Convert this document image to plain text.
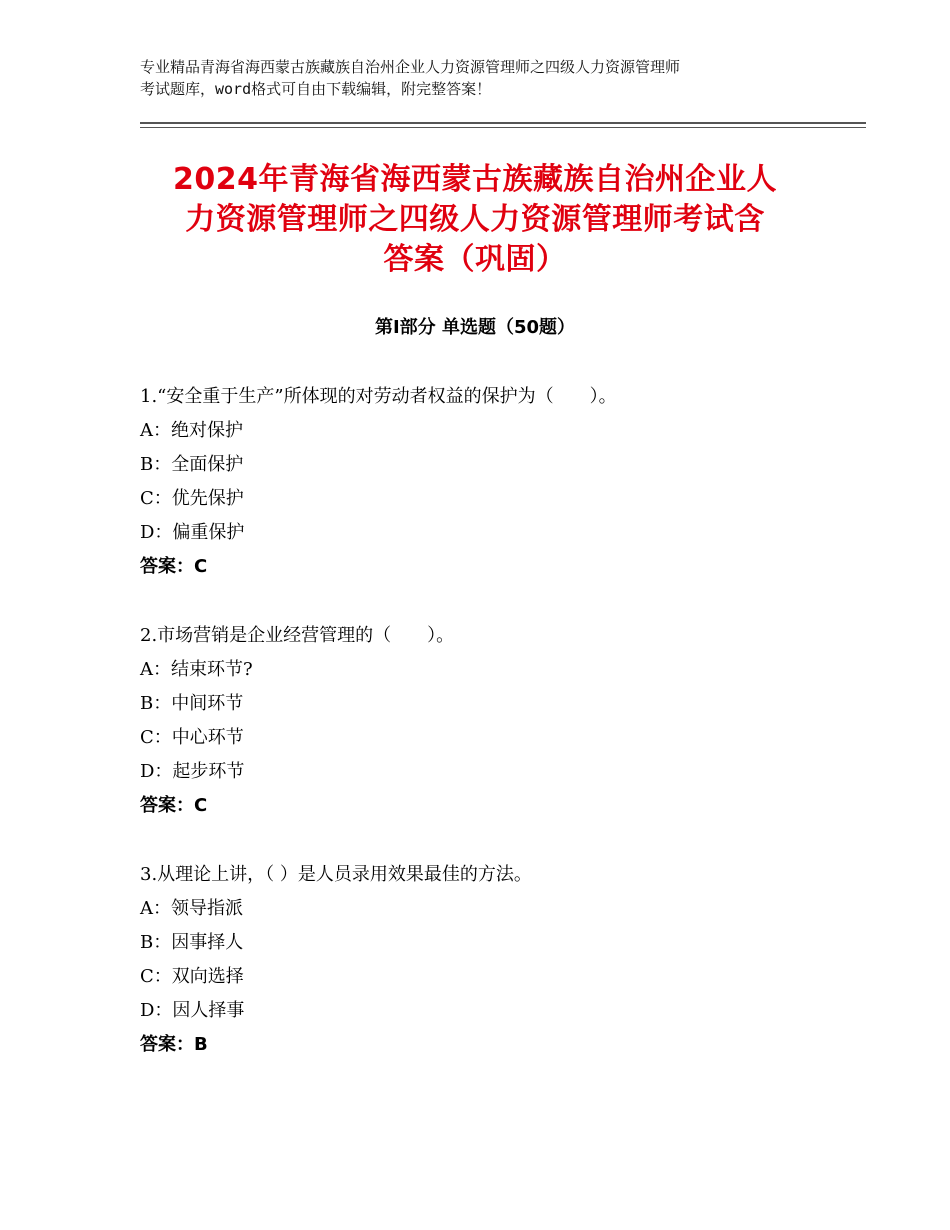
专业精品青海省海西蒙古族藏族自治州企业人力资源管理师之四级人力资源管理师
考试题库，word格式可自由下载编辑，附完整答案！
2024年青海省海西蒙古族藏族自治州企业人
力资源管理师之四级人力资源管理师考试含
答案（巩固）
第Ⅰ部分 单选题（50题）
1.“安全重于生产”所体现的对劳动者权益的保护为（　　）。
A：绝对保护
B：全面保护
C：优先保护
D：偏重保护
答案：C
2.市场营销是企业经营管理的（　　）。
A：结束环节?
B：中间环节
C：中心环节
D：起步环节
答案：C
3.从理论上讲，（ ）是人员录用效果最佳的方法。
A：领导指派
B：因事择人
C：双向选择
D：因人择事
答案：B
